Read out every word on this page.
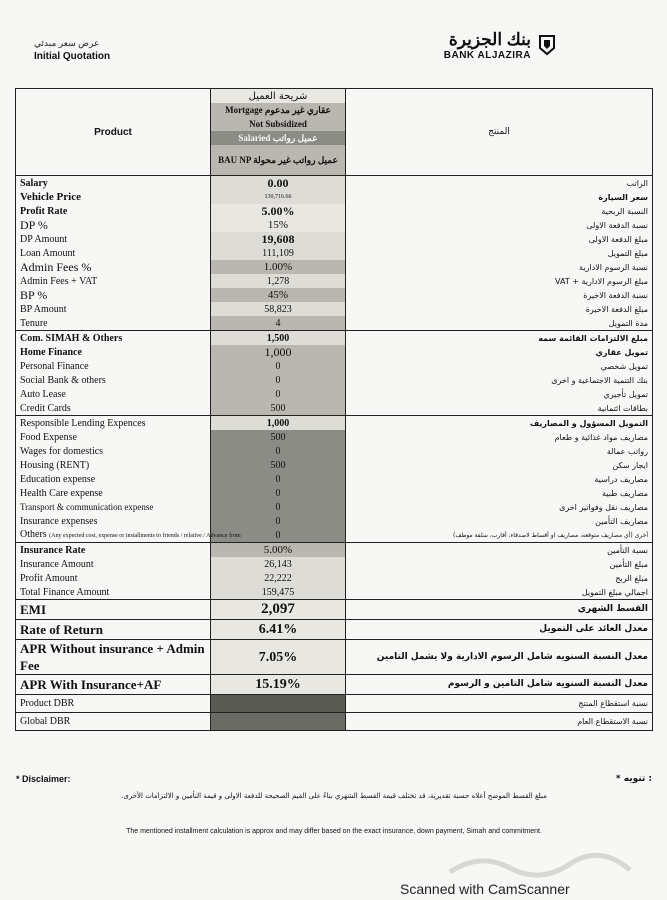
عرض سعر مبدئي
Initial Quotation
بنك الجزيرة
BANK ALJAZIRA
Product	شريحة العميل	المنتج
	Mortgage عقاري غير مدعوم	
	Not Subsidized	
	Salaried عميل رواتب	
	BAU NP عميل رواتب غير محولة	
Salary	0.00	الراتب
Vehicle Price	130,716.66	سعر السيارة
Profit Rate	5.00%	النسبة الربحية
DP %	15%	نسبة الدفعة الاولى
DP Amount	19,608	مبلغ الدفعة الاولى
Loan Amount	111,109	مبلغ التمويل
Admin Fees %	1.00%	نسبة الرسوم الادارية
Admin Fees + VAT	1,278	مبلغ الرسوم الادارية + VAT
BP %	45%	نسبة الدفعة الاخيرة
BP Amount	58,823	مبلغ الدفعة الاخيرة
Tenure	4	مدة التمويل
Com. SIMAH & Others	1,500	مبلغ الالتزامات القائمة سمه
Home Finance	1,000	تمويل عقاري
Personal Finance	0	تمويل شخصي
Social Bank & others	0	بنك التنمية الاجتماعية و اخرى
Auto Lease	0	تمويل تأجيري
Credit Cards	500	بطاقات ائتمانية
Responsible Lending Expences	1,000	التمويل المسؤول و المصاريف
Food Expense	500	مصاريف مواد غذائية و طعام
Wages for domestics	0	رواتب عمالة
Housing (RENT)	500	ايجار سكن
Education expense	0	مصاريف دراسية
Health Care expense	0	مصاريف طبية
Transport & communication expense	0	مصاريف نقل وفواتير اخرى
Insurance expenses	0	مصاريف التأمين
Others (Any expected cost, expense or installments to friends / relative / Advance from	0	أخرى (أي مصاريف متوقعه، مصاريف او أقساط لاصدقاء، أقارب، سلفة موظف)
Insurance Rate	5.00%	نسبة التأمين
Insurance Amount	26,143	مبلغ التأمين
Profit Amount	22,222	مبلغ الربح
Total Finance Amount	159,475	اجمالي مبلغ التمويل
EMI	2,097	القسط الشهري
Rate of Return	6.41%	معدل العائد على التمويل
APR Without insurance + Admin Fee	7.05%	معدل النسبة السنويه شامل الرسوم الادارية ولا يشمل التامين
APR With Insurance+AF	15.19%	معدل النسبة السنويه شامل التامين و الرسوم
Product DBR		نسبة استقطاع المنتج
Global DBR		نسبة الاستقطاع العام
* Disclaimer:	: تنويه *
مبلغ القسط الموضح أعلاه حسبة تقديرية، قد تختلف قيمة القسط الشهري بناءً على القيم الصحيحة للدفعة الاولى و قيمة التأمين و الالتزامات الأخرى.
The mentioned installment calculation is approx and may differ based on the exact insurance, down payment, Simah and commitment.
Scanned with CamScanner
